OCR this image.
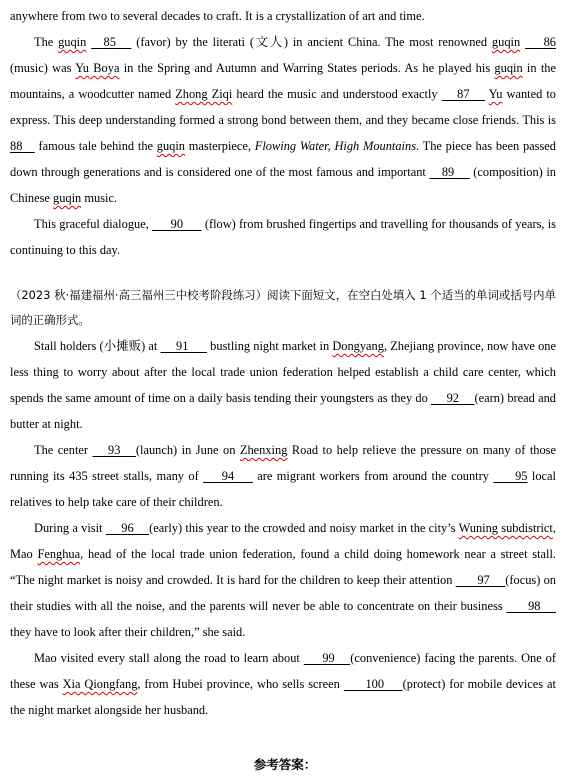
anywhere from two to several decades to craft. It is a crystallization of art and time.

The guqin 85      (favor) by the literati (文人) in ancient China. The most renowned guqin 86(music) was Yu Boya in the Spring and Autumn and Warring States periods. As he played his guqin in the mountains, a woodcutter named Zhong Ziqi heard the music and understood exactly      87 Yu wanted to express. This deep understanding formed a strong bond between them, and they became close friends. This is 88     famous tale behind the guqin masterpiece, Flowing Water, High Mountains. The piece has been passed down through generations and is considered one of the most famous and important     89      (composition) in Chinese guqin music.

This graceful dialogue,       90       (flow) from brushed fingertips and travelling for thousands of years, is continuing to this day.

（2023 秋·福建福州·高三福州三中校考阶段练习）阅读下面短文，在空白处填入 1 个适当的单词或括号内单词的正确形式。

Stall holders (小摊贩) at      91       bustling night market in Dongyang, Zhejiang province, now have one less thing to worry about after the local trade union federation helped establish a child care center, which spends the same amount of time on a daily basis tending their youngsters as they do      92 (earn) bread and butter at night.

The center      93 (launch) in June on Zhenxing Road to help relieve the pressure on many of those running its 435 street stalls, many of       94       are migrant workers from around the country        95 local relatives to help take care of their children.

During a visit      96 (early) this year to the crowded and noisy market in the city’s Wuning subdistrict, Mao Fenghua, head of the local trade union federation, found a child doing homework near a street stall. “The night market is noisy and crowded. It is hard for the children to keep their attention        97 (focus) on their studies with all the noise, and the parents will never be able to concentrate on their business        98      they have to look after their children,” she said.

Mao visited every stall along the road to learn about       99 (convenience) facing the parents. One of these was Xia Qiongfang, from Hubei province, who sells screen        100 (protect) for mobile devices at the night market alongside her husband.

参考答案：
